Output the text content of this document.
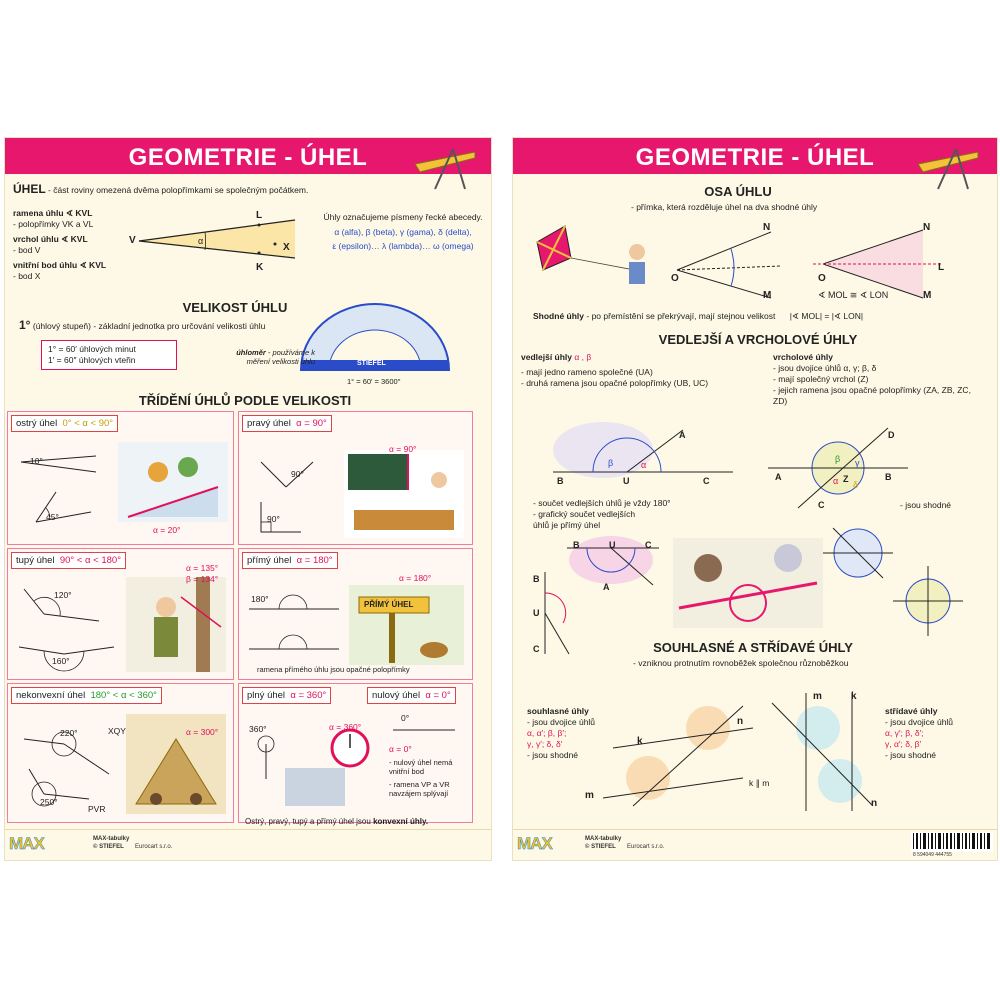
GEOMETRIE - ÚHEL
ÚHEL - část roviny omezená dvěma polopřímkami se společným počátkem.
ramena úhlu ∢ KVL
- polopřímky VK a VL
vrchol úhlu ∢ KVL
- bod V
vnitřní bod úhlu ∢ KVL
- bod X
V
L
K
X
α
Úhly označujeme písmeny řecké abecedy.
α (alfa), β (beta), γ (gama), δ (delta),
ε (epsilon)… λ (lambda)… ω (omega)
VELIKOST ÚHLU
1° (úhlový stupeň) - základní jednotka pro určování velikosti úhlu
1° = 60′ úhlových minut
1′ = 60″ úhlových vteřin	STIEFEL
úhloměr - používáme k měření velikosti úhlu
1° = 60′ = 3600″
TŘÍDĚNÍ ÚHLŮ PODLE VELIKOSTI
ostrý úhel 0° < α < 90°
10°
45°
α = 20°
pravý úhel α = 90°
90°
90°
α = 90°
tupý úhel 90° < α < 180°
120°
160°
α = 135°
β = 134°
přímý úhel α = 180°
180°
PŘÍMÝ ÚHEL
α = 180°
ramena přímého úhlu jsou opačné polopřímky
nekonvexní úhel 180° < α < 360°
220°	XQY
250°
PVR
α = 300°
plný úhel α = 360°	nulový úhel α = 0°
360°	α = 360°
0°
α = 0°
- nulový úhel nemá vnitřní bod
- ramena VP a VR navzájem splývají
Ostrý, pravý, tupý a přímý úhel jsou konvexní úhly.
MAX	MAX-tabulky
© STIEFEL Eurocart s.r.o.
GEOMETRIE - ÚHEL
OSA ÚHLU
- přímka, která rozděluje úhel na dva shodné úhly
O
N
M
O
N
M
L
∢ MOL ≅ ∢ LON
Shodné úhly - po přemístění se překrývají, mají stejnou velikost |∢ MOL| = |∢ LON|
VEDLEJŠÍ A VRCHOLOVÉ ÚHLY
vedlejší úhly α , β
- mají jedno rameno společné (UA)
- druhá ramena jsou opačné polopřímky (UB, UC)
vrcholové úhly
- jsou dvojice úhlů α, γ; β, δ
- mají společný vrchol (Z)
- jejich ramena jsou opačné polopřímky (ZA, ZB, ZC, ZD)
B	U	C
A
β	α
A	B
D
C
Z
α
β γ
δ
- jsou shodné
- součet vedlejších úhlů je vždy 180°
- grafický součet vedlejších úhlů je přímý úhel
B	U	C
A
B
U
C	SOUHLASNÉ A STŘÍDAVÉ ÚHLY
- vzniknou protnutím rovnoběžek společnou různoběžkou
souhlasné úhly
- jsou dvojice úhlů
α, α′; β, β′;
γ, γ′; δ, δ′
- jsou shodné
k
m
n
k ∥ m
m	k
n
střídavé úhly
- jsou dvojice úhlů
α, γ′; β, δ′;
γ, α′; δ, β′
- jsou shodné
MAX	MAX-tabulky
© STIEFEL Eurocart s.r.o.
8 594049 444755
